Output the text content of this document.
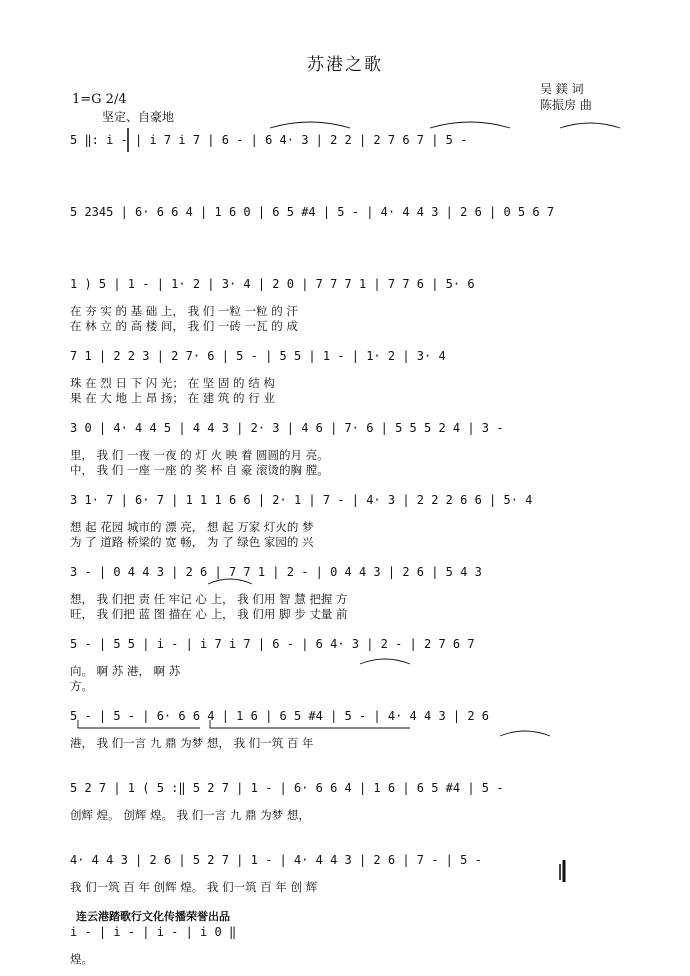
苏港之歌
吴 鎂 词
陈振房 曲
1=G 2/4
坚定、自豪地
5 ‖: i - | i 7 i 7 | 6 - | 6 4· 3 | 2 2 | 2 7 6 7 | 5 -
5 2345 | 6· 6 6 4 | 1 6 0 | 6 5 #4 | 5 - | 4· 4 4 3 | 2 6 | 0 5 6 7
1 ) 5 | 1 - | 1· 2 | 3· 4 | 2 0 | 7 7 7 1 | 7 7 6 | 5· 6
在 夯 实 的 基 础 上， 我 们 一粒 一粒 的 汗
在 林 立 的 高 楼 间， 我 们 一砖 一瓦 的 成
7 1 | 2 2 3 | 2 7· 6 | 5 - | 5 5 | 1 - | 1· 2 | 3· 4
珠 在 烈 日 下 闪 光； 在 坚 固 的 结 构
果 在 大 地 上 昂 扬； 在 建 筑 的 行 业
3 0 | 4· 4 4 5 | 4 4 3 | 2· 3 | 4 6 | 7· 6 | 5 5 5 2 4 | 3 -
里， 我 们 一夜 一夜 的 灯 火 映 着 圆圆的月 亮。
中， 我 们 一座 一座 的 奖 杯 自 豪 滚烫的胸 膛。
3 1· 7 | 6· 7 | 1 1 1 6 6 | 2· 1 | 7 - | 4· 3 | 2 2 2 6 6 | 5· 4
想 起 花园 城市的 漂 亮， 想 起 万家 灯火的 梦
为 了 道路 桥梁的 宽 畅， 为 了 绿色 家园的 兴
3 - | 0 4 4 3 | 2 6 | 7 7 1 | 2 - | 0 4 4 3 | 2 6 | 5 4 3
想， 我 们把 责 任 牢记 心 上， 我 们用 智 慧 把握 方
旺， 我 们把 蓝 图 描在 心 上， 我 们用 脚 步 丈量 前
5 - | 5 5 | i - | i 7 i 7 | 6 - | 6 4· 3 | 2 - | 2 7 6 7
向。 啊 苏 港， 啊 苏
方。
5 - | 5 - | 6· 6 6 4 | 1 6 | 6 5 #4 | 5 - | 4· 4 4 3 | 2 6
港， 我 们一言 九 鼎 为梦 想， 我 们一筑 百 年
5 2 7 | 1 ( 5 :‖ 5 2 7 | 1 - | 6· 6 6 4 | 1 6 | 6 5 #4 | 5 -
创辉 煌。 创辉 煌。 我 们一言 九 鼎 为梦 想，
4· 4 4 3 | 2 6 | 5 2 7 | 1 - | 4· 4 4 3 | 2 6 | 7 - | 5 -
我 们一筑 百 年 创辉 煌。 我 们一筑 百 年 创 辉
i - | i - | i - | i 0 ‖
煌。
连云港踏歌行文化传播荣誉出品
